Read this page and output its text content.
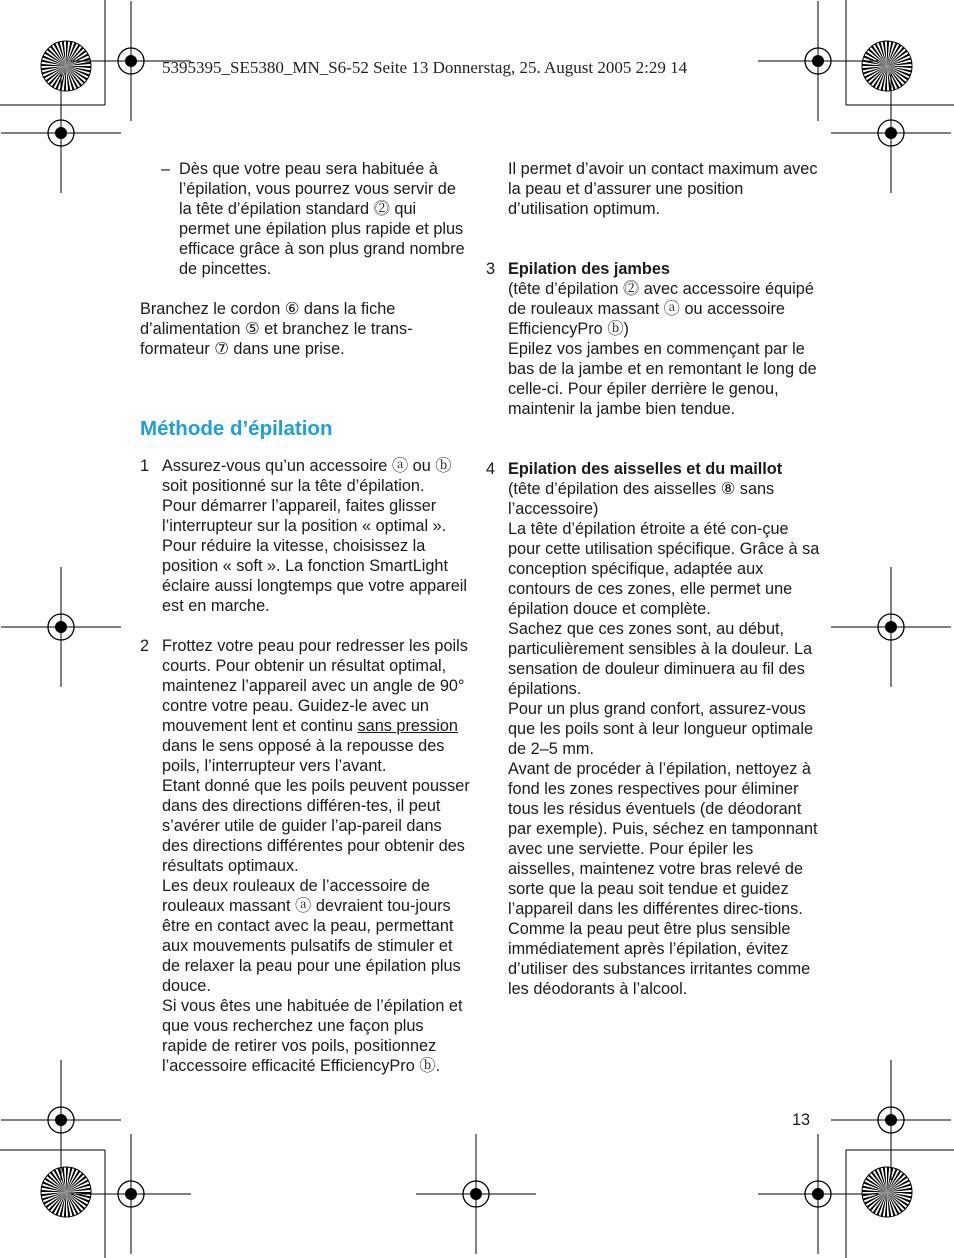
5395395_SE5380_MN_S6-52 Seite 13 Donnerstag, 25. August 2005 2:29 14
– Dès que votre peau sera habituée à l’épilation, vous pourrez vous servir de la tête d’épilation standard ⓶ qui permet une épilation plus rapide et plus efficace grâce à son plus grand nombre de pincettes.

Branchez le cordon ⑥ dans la fiche d’alimentation ⑤ et branchez le trans-formateur ⑦ dans une prise.

Méthode d’épilation
1 Assurez-vous qu’un accessoire ⓐ ou ⓑ soit positionné sur la tête d’épilation.

Pour démarrer l’appareil, faites glisser l’interrupteur sur la position « optimal ». Pour réduire la vitesse, choisissez la position « soft ». La fonction SmartLight éclaire aussi longtemps que votre appareil est en marche.

2 Frottez votre peau pour redresser les poils courts. Pour obtenir un résultat optimal, maintenez l’appareil avec un angle de 90° contre votre peau. Guidez-le avec un mouvement lent et continu sans pression dans le sens opposé à la repousse des poils, l’interrupteur vers l’avant.

Etant donné que les poils peuvent pousser dans des directions différen-tes, il peut s’avérer utile de guider l’ap-pareil dans des directions différentes pour obtenir des résultats optimaux.

Les deux rouleaux de l’accessoire de rouleaux massant ⓐ devraient tou-jours être en contact avec la peau, permettant aux mouvements pulsatifs de stimuler et de relaxer la peau pour une épilation plus douce.

Si vous êtes une habituée de l’épilation et que vous recherchez une façon plus rapide de retirer vos poils, positionnez l’accessoire efficacité EfficiencyPro ⓑ.

Il permet d’avoir un contact maximum avec la peau et d’assurer une position d’utilisation optimum.

3 Epilation des jambes

(tête d’épilation ⓶ avec accessoire équipé de rouleaux massant ⓐ ou accessoire EfficiencyPro ⓑ)

Epilez vos jambes en commençant par le bas de la jambe et en remontant le long de celle-ci. Pour épiler derrière le genou, maintenir la jambe bien tendue.

4 Epilation des aisselles et du maillot

(tête d’épilation des aisselles ⑧ sans l’accessoire)

La tête d’épilation étroite a été con-çue pour cette utilisation spécifique. Grâce à sa conception spécifique, adaptée aux contours de ces zones, elle permet une épilation douce et complète.

Sachez que ces zones sont, au début, particulièrement sensibles à la douleur. La sensation de douleur diminuera au fil des épilations.

Pour un plus grand confort, assurez-vous que les poils sont à leur longueur optimale de 2–5 mm.

Avant de procéder à l’épilation, nettoyez à fond les zones respectives pour éliminer tous les résidus éventuels (de déodorant par exemple). Puis, séchez en tamponnant avec une serviette. Pour épiler les aisselles, maintenez votre bras relevé de sorte que la peau soit tendue et guidez l’appareil dans les différentes direc-tions.

Comme la peau peut être plus sensible immédiatement après l’épilation, évitez d’utiliser des substances irritantes comme les déodorants à l’alcool.

13
